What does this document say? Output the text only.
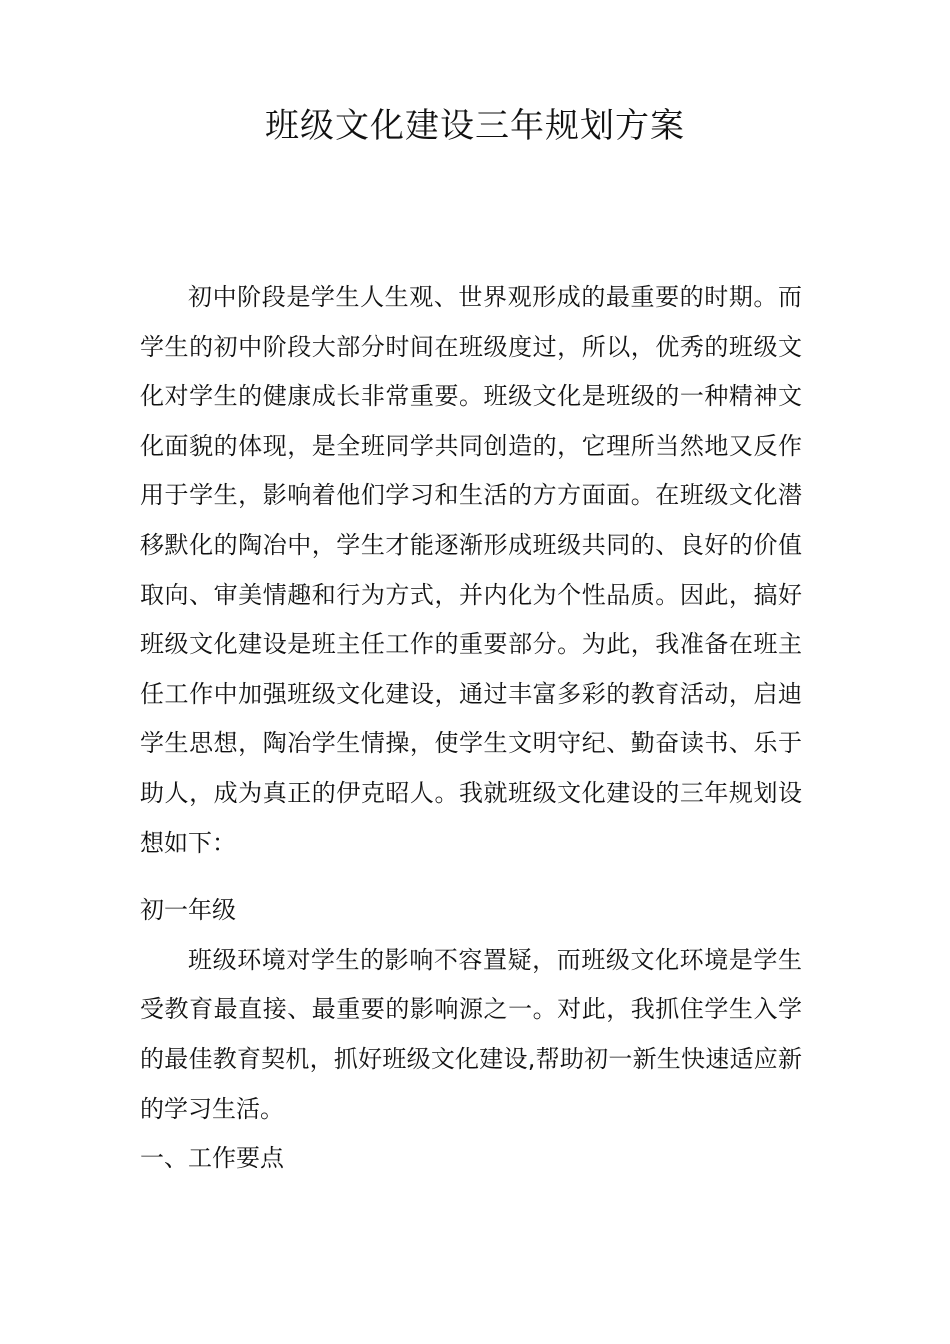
班级文化建设三年规划方案

初中阶段是学生人生观、世界观形成的最重要的时期。而学生的初中阶段大部分时间在班级度过，所以，优秀的班级文化对学生的健康成长非常重要。班级文化是班级的一种精神文化面貌的体现，是全班同学共同创造的，它理所当然地又反作用于学生，影响着他们学习和生活的方方面面。在班级文化潜移默化的陶冶中，学生才能逐渐形成班级共同的、良好的价值取向、审美情趣和行为方式，并内化为个性品质。因此，搞好班级文化建设是班主任工作的重要部分。为此，我准备在班主任工作中加强班级文化建设，通过丰富多彩的教育活动，启迪学生思想，陶冶学生情操，使学生文明守纪、勤奋读书、乐于助人，成为真正的伊克昭人。我就班级文化建设的三年规划设想如下：

初一年级

班级环境对学生的影响不容置疑，而班级文化环境是学生受教育最直接、最重要的影响源之一。对此，我抓住学生入学的最佳教育契机，抓好班级文化建设,帮助初一新生快速适应新的学习生活。

一、工作要点
